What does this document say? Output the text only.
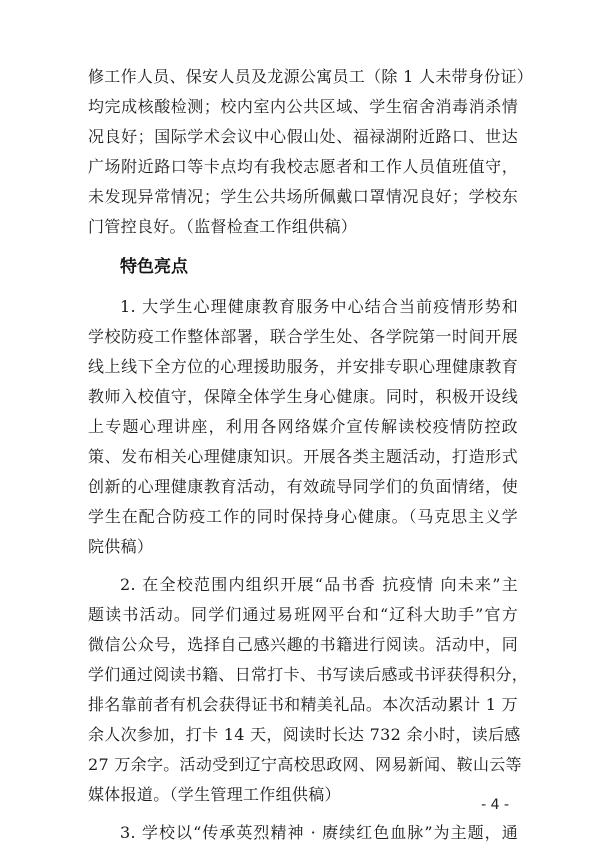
修工作人员、保安人员及龙源公寓员工（除 1 人未带身份证）
均完成核酸检测；校内室内公共区域、学生宿舍消毒消杀情
况良好；国际学术会议中心假山处、福禄湖附近路口、世达
广场附近路口等卡点均有我校志愿者和工作人员值班值守，
未发现异常情况；学生公共场所佩戴口罩情况良好；学校东
门管控良好。（监督检查工作组供稿）
特色亮点
1. 大学生心理健康教育服务中心结合当前疫情形势和
学校防疫工作整体部署，联合学生处、各学院第一时间开展
线上线下全方位的心理援助服务，并安排专职心理健康教育
教师入校值守，保障全体学生身心健康。同时，积极开设线
上专题心理讲座，利用各网络媒介宣传解读校疫情防控政
策、发布相关心理健康知识。开展各类主题活动，打造形式
创新的心理健康教育活动，有效疏导同学们的负面情绪，使
学生在配合防疫工作的同时保持身心健康。（马克思主义学
院供稿）
2. 在全校范围内组织开展“品书香 抗疫情 向未来”主
题读书活动。同学们通过易班网平台和“辽科大助手”官方
微信公众号，选择自己感兴趣的书籍进行阅读。活动中，同
学们通过阅读书籍、日常打卡、书写读后感或书评获得积分，
排名靠前者有机会获得证书和精美礼品。本次活动累计 1 万
余人次参加，打卡 14 天，阅读时长达 732 余小时，读后感
27 万余字。活动受到辽宁高校思政网、网易新闻、鞍山云等
媒体报道。（学生管理工作组供稿）
3. 学校以“传承英烈精神 · 赓续红色血脉”为主题，通
- 4 -
